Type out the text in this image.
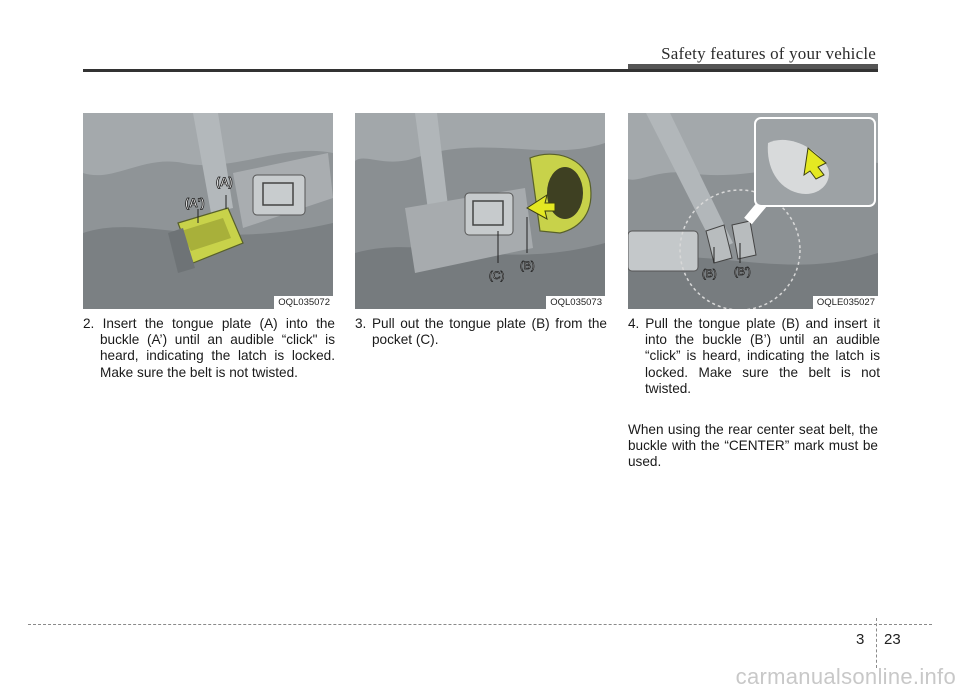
Safety features of your vehicle
(A')
(A)
OQL035072
(C)
(B)
OQL035073
(B) (B')
OQLE035027

2. Insert the tongue plate (A) into the buckle (A’) until an audible “click" is heard, indicating the latch is locked. Make sure the belt is not twisted.

3. Pull out the tongue plate (B) from the pocket (C).

4. Pull the tongue plate (B) and insert it into the buckle (B’) until an audible “click” is heard, indicating the latch is locked. Make sure the belt is not twisted.

When using the rear center seat belt, the buckle with the “CENTER” mark must be used.

3 23
carmanualsonline.info
